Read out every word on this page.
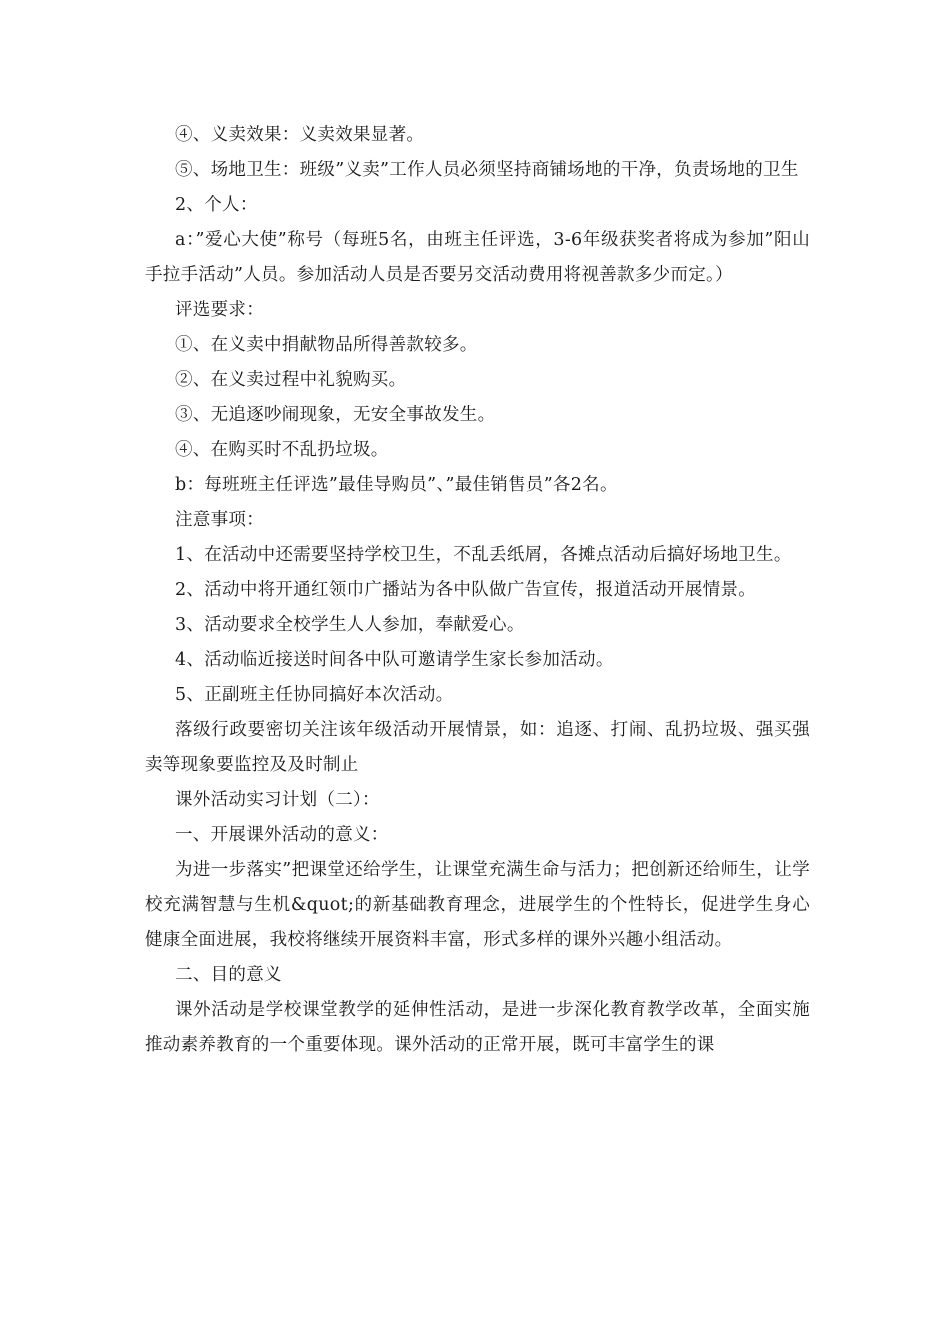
④、义卖效果：义卖效果显著。

⑤、场地卫生：班级”义卖”工作人员必须坚持商铺场地的干净，负责场地的卫生

2、个人：

a：”爱心大使”称号（每班5名，由班主任评选，3-6年级获奖者将成为参加”阳山手拉手活动”人员。参加活动人员是否要另交活动费用将视善款多少而定。）

评选要求：

①、在义卖中捐献物品所得善款较多。

②、在义卖过程中礼貌购买。

③、无追逐吵闹现象，无安全事故发生。

④、在购买时不乱扔垃圾。

b：每班班主任评选”最佳导购员”、”最佳销售员”各2名。

注意事项：

1、在活动中还需要坚持学校卫生，不乱丢纸屑，各摊点活动后搞好场地卫生。

2、活动中将开通红领巾广播站为各中队做广告宣传，报道活动开展情景。

3、活动要求全校学生人人参加，奉献爱心。

4、活动临近接送时间各中队可邀请学生家长参加活动。

5、正副班主任协同搞好本次活动。

落级行政要密切关注该年级活动开展情景，如：追逐、打闹、乱扔垃圾、强买强卖等现象要监控及及时制止

课外活动实习计划（二）：

一、开展课外活动的意义：

为进一步落实”把课堂还给学生，让课堂充满生命与活力；把创新还给师生，让学校充满智慧与生机&quot;的新基础教育理念，进展学生的个性特长，促进学生身心健康全面进展，我校将继续开展资料丰富，形式多样的课外兴趣小组活动。

二、目的意义

课外活动是学校课堂教学的延伸性活动，是进一步深化教育教学改革，全面实施推动素养教育的一个重要体现。课外活动的正常开展，既可丰富学生的课
